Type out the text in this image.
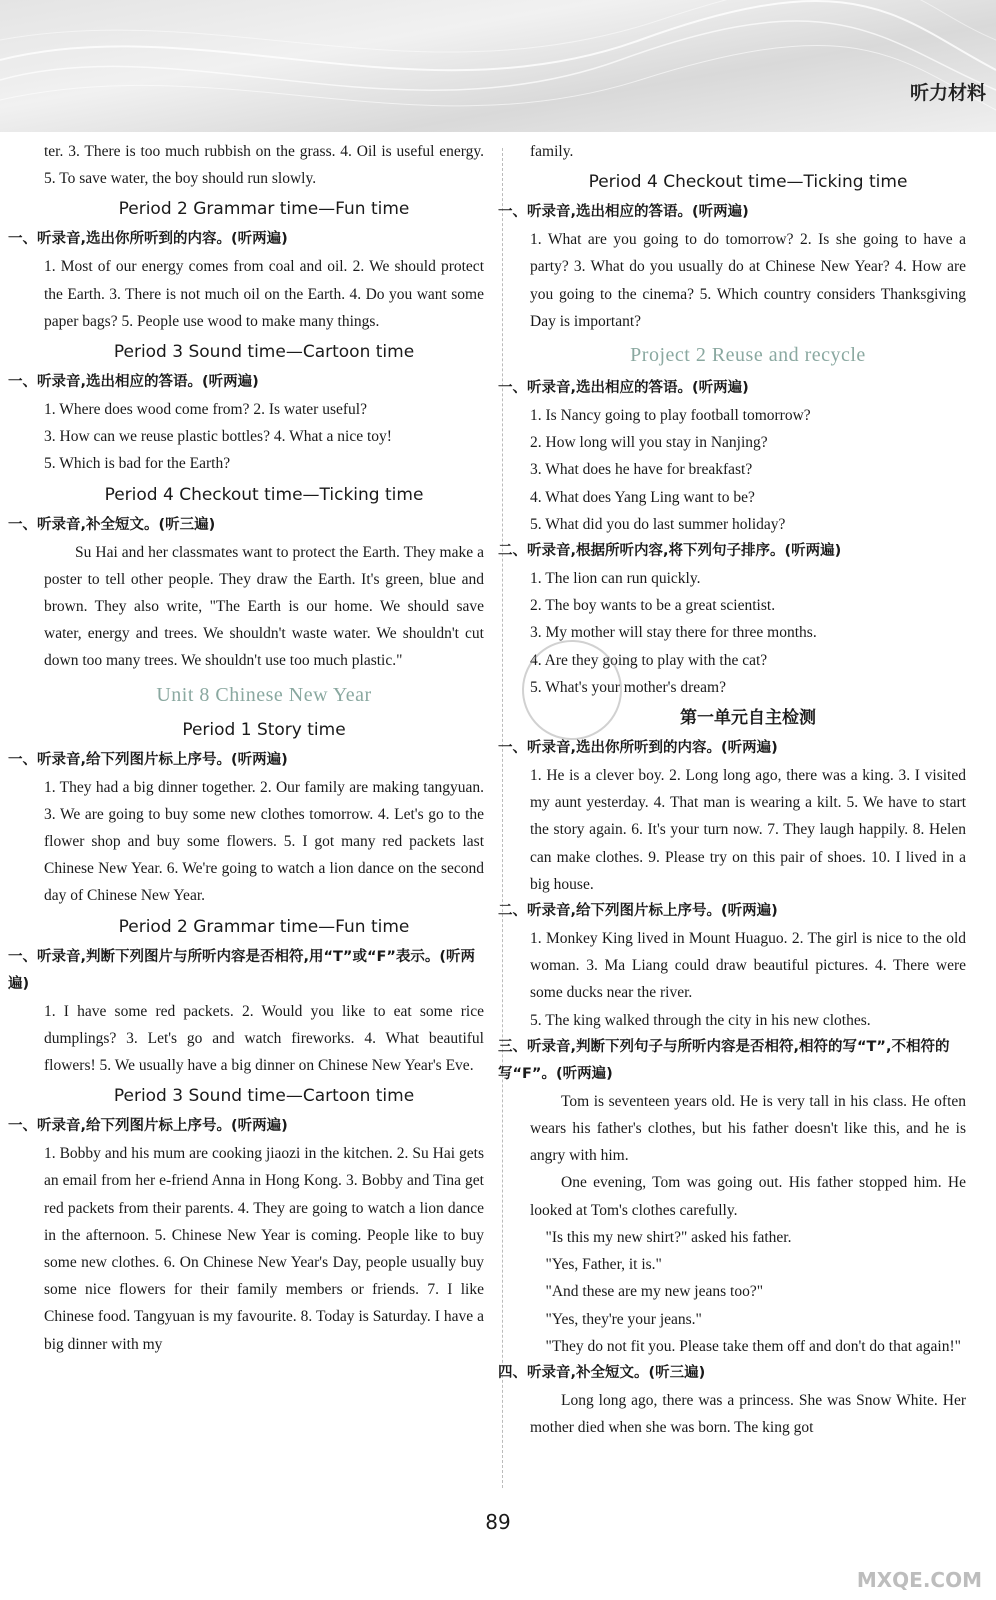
听力材料

ter. 3. There is too much rubbish on the grass. 4. Oil is useful energy. 5. To save water, the boy should run slowly.

Period 2 Grammar time—Fun time
一、听录音,选出你所听到的内容。(听两遍)

1. Most of our energy comes from coal and oil. 2. We should protect the Earth. 3. There is not much oil on the Earth. 4. Do you want some paper bags? 5. People use wood to make many things.

Period 3 Sound time—Cartoon time
一、听录音,选出相应的答语。(听两遍)

1. Where does wood come from? 2. Is water useful?

3. How can we reuse plastic bottles? 4. What a nice toy!

5. Which is bad for the Earth?

Period 4 Checkout time—Ticking time
一、听录音,补全短文。(听三遍)

Su Hai and her classmates want to protect the Earth. They make a poster to tell other people. They draw the Earth. It's green, blue and brown. They also write, "The Earth is our home. We should save water, energy and trees. We shouldn't waste water. We shouldn't cut down too many trees. We shouldn't use too much plastic."

Unit 8 Chinese New Year
Period 1 Story time
一、听录音,给下列图片标上序号。(听两遍)

1. They had a big dinner together. 2. Our family are making tangyuan. 3. We are going to buy some new clothes tomorrow. 4. Let's go to the flower shop and buy some flowers. 5. I got many red packets last Chinese New Year. 6. We're going to watch a lion dance on the second day of Chinese New Year.

Period 2 Grammar time—Fun time
一、听录音,判断下列图片与所听内容是否相符,用“T”或“F”表示。(听两遍)

1. I have some red packets. 2. Would you like to eat some rice dumplings? 3. Let's go and watch fireworks. 4. What beautiful flowers! 5. We usually have a big dinner on Chinese New Year's Eve.

Period 3 Sound time—Cartoon time
一、听录音,给下列图片标上序号。(听两遍)

1. Bobby and his mum are cooking jiaozi in the kitchen. 2. Su Hai gets an email from her e-friend Anna in Hong Kong. 3. Bobby and Tina get red packets from their parents. 4. They are going to watch a lion dance in the afternoon. 5. Chinese New Year is coming. People like to buy some new clothes. 6. On Chinese New Year's Day, people usually buy some nice flowers for their family members or friends. 7. I like Chinese food. Tangyuan is my favourite. 8. Today is Saturday. I have a big dinner with my

family.

Period 4 Checkout time—Ticking time
一、听录音,选出相应的答语。(听两遍)

1. What are you going to do tomorrow? 2. Is she going to have a party? 3. What do you usually do at Chinese New Year? 4. How are you going to the cinema? 5. Which country considers Thanksgiving Day is important?

Project 2 Reuse and recycle
一、听录音,选出相应的答语。(听两遍)

1. Is Nancy going to play football tomorrow?

2. How long will you stay in Nanjing?

3. What does he have for breakfast?

4. What does Yang Ling want to be?

5. What did you do last summer holiday?

二、听录音,根据所听内容,将下列句子排序。(听两遍)

1. The lion can run quickly.

2. The boy wants to be a great scientist.

3. My mother will stay there for three months.

4. Are they going to play with the cat?

5. What's your mother's dream?

第一单元自主检测
一、听录音,选出你所听到的内容。(听两遍)

1. He is a clever boy. 2. Long long ago, there was a king. 3. I visited my aunt yesterday. 4. That man is wearing a kilt. 5. We have to start the story again. 6. It's your turn now. 7. They laugh happily. 8. Helen can make clothes. 9. Please try on this pair of shoes. 10. I lived in a big house.

二、听录音,给下列图片标上序号。(听两遍)

1. Monkey King lived in Mount Huaguo. 2. The girl is nice to the old woman. 3. Ma Liang could draw beautiful pictures. 4. There were some ducks near the river.

5. The king walked through the city in his new clothes.

三、听录音,判断下列句子与所听内容是否相符,相符的写“T”,不相符的写“F”。(听两遍)

Tom is seventeen years old. He is very tall in his class. He often wears his father's clothes, but his father doesn't like this, and he is angry with him.

One evening, Tom was going out. His father stopped him. He looked at Tom's clothes carefully.

"Is this my new shirt?" asked his father.

"Yes, Father, it is."

"And these are my new jeans too?"

"Yes, they're your jeans."

"They do not fit you. Please take them off and don't do that again!"

四、听录音,补全短文。(听三遍)

Long long ago, there was a princess. She was Snow White. Her mother died when she was born. The king got

89
MXQE.COM
